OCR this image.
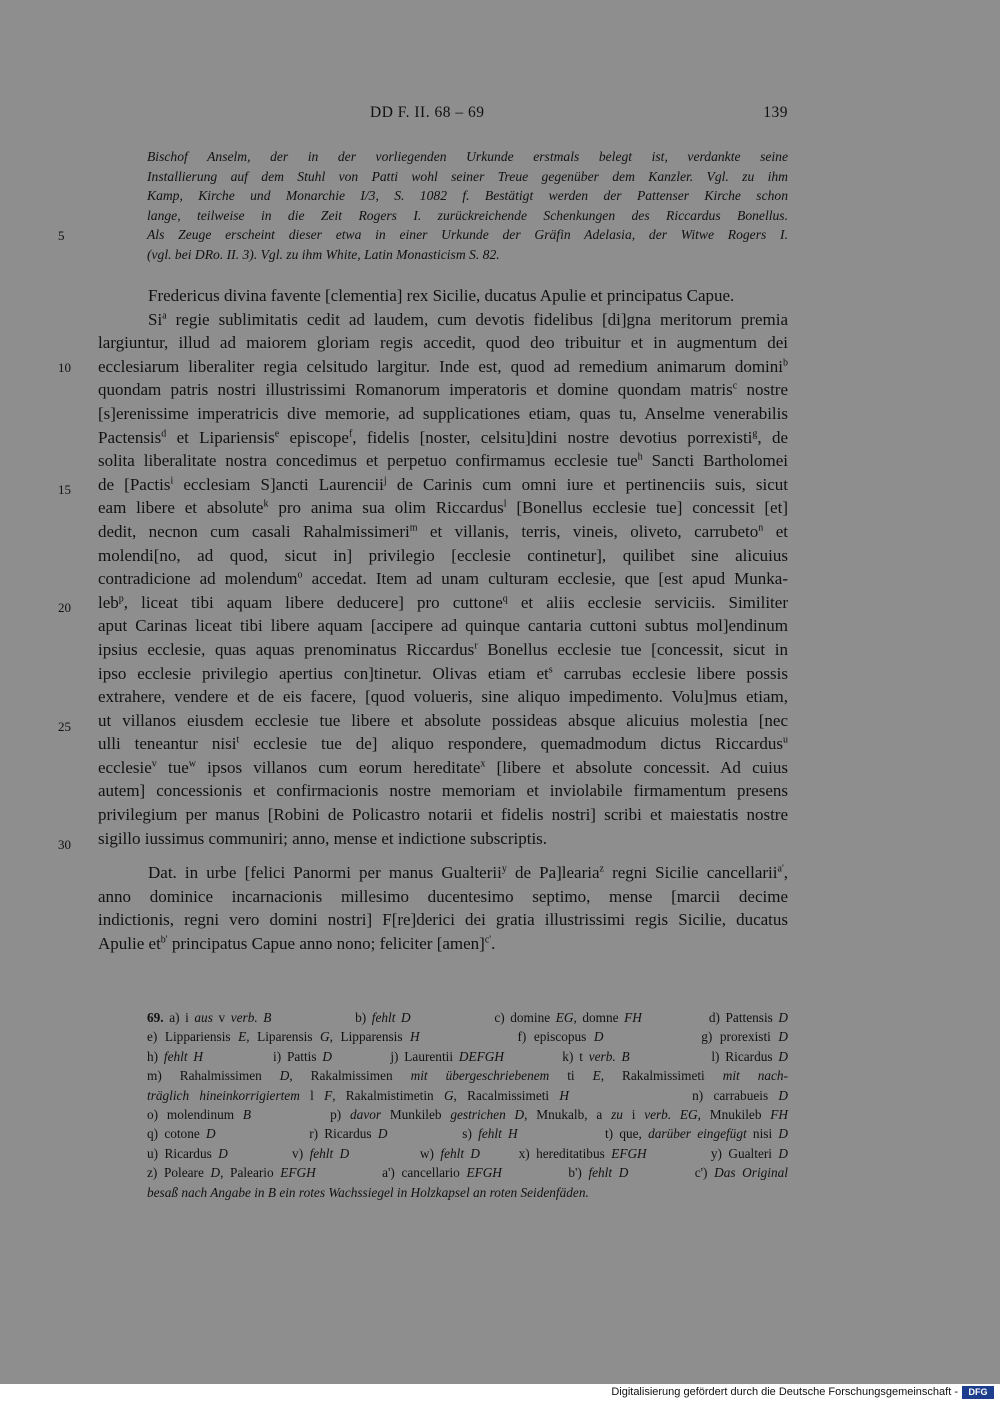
DD F. II. 68 – 69	139
Bischof Anselm, der in der vorliegenden Urkunde erstmals belegt ist, verdankte seine
Installierung auf dem Stuhl von Patti wohl seiner Treue gegenüber dem Kanzler. Vgl. zu ihm
Kamp, Kirche und Monarchie I/3, S. 1082 f. Bestätigt werden der Pattenser Kirche schon
lange, teilweise in die Zeit Rogers I. zurückreichende Schenkungen des Riccardus Bonellus.
Als Zeuge erscheint dieser etwa in einer Urkunde der Gräfin Adelasia, der Witwe Rogers I.
(vgl. bei DRo. II. 3). Vgl. zu ihm White, Latin Monasticism S. 82.
5
10
15
20
25
30
Fredericus divina favente [clementia] rex Sicilie, ducatus Apulie et principatus Capue.
Si$^a$ regie sublimitatis cedit ad laudem, cum devotis fidelibus [di]gna meritorum premia
largiuntur, illud ad maiorem gloriam regis accedit, quod deo tribuitur et in augmentum dei
ecclesiarum liberaliter regia celsitudo largitur. Inde est, quod ad remedium animarum domini$^b$
quondam patris nostri illustrissimi Romanorum imperatoris et domine quondam matris$^c$ nostre
[s]erenissime imperatricis dive memorie, ad supplicationes etiam, quas tu, Anselme venerabilis
Pactensis$^d$ et Lipariensis$^e$ episcope$^f$, fidelis [noster, celsitu]dini nostre devotius porrexisti$^g$, de
solita liberalitate nostra concedimus et perpetuo confirmamus ecclesie tue$^h$ Sancti Bartholomei
de [Pactis$^i$ ecclesiam S]ancti Laurencii$^j$ de Carinis cum omni iure et pertinenciis suis, sicut
eam libere et absolute$^k$ pro anima sua olim Riccardus$^l$ [Bonellus ecclesie tue] concessit [et]
dedit, necnon cum casali Rahalmissimeri$^m$ et villanis, terris, vineis, oliveto, carrubeto$^n$ et
molendi[no, ad quod, sicut in] privilegio [ecclesie continetur], quilibet sine alicuius
contradicione ad molendum$^o$ accedat. Item ad unam culturam ecclesie, que [est apud Munka-
leb$^p$, liceat tibi aquam libere deducere] pro cuttone$^q$ et aliis ecclesie serviciis. Similiter
aput Carinas liceat tibi libere aquam [accipere ad quinque cantaria cuttoni subtus mol]endinum
ipsius ecclesie, quas aquas prenominatus Riccardus$^r$ Bonellus ecclesie tue [concessit, sicut in
ipso ecclesie privilegio apertius con]tinetur. Olivas etiam $et^s$ carrubas ecclesie libere possis
extrahere, vendere et de eis facere, [quod volueris, sine aliquo impedimento. Volu]mus etiam,
ut villanos eiusdem ecclesie tue libere et absolute possideas absque alicuius molestia [nec
ulli teneantur nisi$^t$ ecclesie tue de] aliquo respondere, quemadmodum dictus Riccardus$^u$
ecclesie$^v$ tue$^w$ ipsos villanos cum eorum hereditate$^x$ [libere et absolute concessit. Ad cuius
autem] concessionis et confirmacionis nostre memoriam et inviolabile firmamentum presens
privilegium per manus [Robini de Policastro notarii et fidelis nostri] scribi et maiestatis nostre
sigillo iussimus communiri; anno, mense et indictione subscriptis.
Dat. in urbe [felici Panormi per manus Gualterii$^y$ de Pa]learia$^z$ regni Sicilie cancellarii$^{a'}$,
anno dominice incarnacionis millesimo ducentesimo septimo, mense [marcii decime
indictionis, regni vero domini nostri] F[re]derici dei gratia illustrissimi regis Sicilie, ducatus
Apulie $et^{b'}$ principatus Capue anno nono; feliciter [amen]$^{c'}$.
69. a) i aus v verb. B               b) fehlt D               c) domine EG, domne FH            d) Pattensis D
e) Lippariensis E, Liparensis G, Lipparensis H             f) episcopus D             g) prorexisti D
h) fehlt H            i) Pattis D          j) Laurentii DEFGH          k) t verb. B              l) Ricardus D
m) Rahalmissimen D, Rakalmissimen mit übergeschriebenem ti E, Rakalmissimeti mit nach-
träglich hineinkorrigiertem l F, Rakalmistimetin G, Racalmissimeti H            n) carrabueis D
o) molendinum B         p) davor Munkileb gestrichen D, Mnukalb, a zu i verb. EG, Mnukileb FH
q) cotone D               r) Ricardus D            s) fehlt H              t) que, darüber eingefügt nisi D
u) Ricardus D          v) fehlt D           w) fehlt D      x) hereditatibus EFGH          y) Gualteri D
z) Poleare D, Paleario EFGH          a') cancellario EFGH          b') fehlt D          c') Das Original
besaß nach Angabe in B ein rotes Wachssiegel in Holzkapsel an roten Seidenfäden.
Digitalisierung gefördert durch die Deutsche Forschungsgemeinschaft -	DFG
